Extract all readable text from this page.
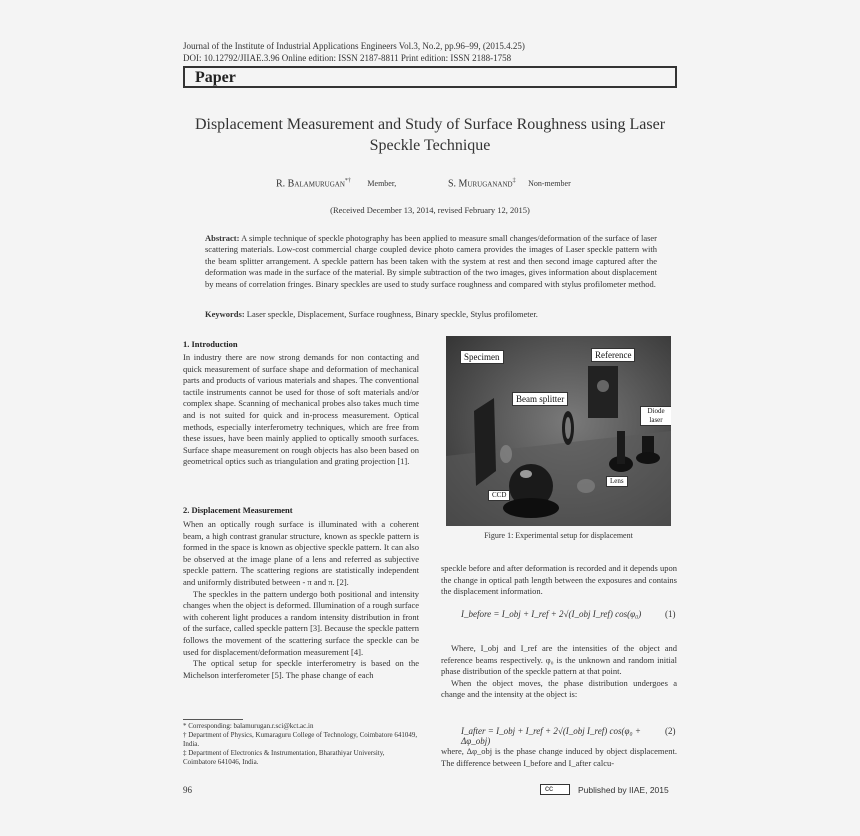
Journal of the Institute of Industrial Applications Engineers Vol.3, No.2, pp.96–99, (2015.4.25)
DOI: 10.12792/JIIAE.3.96 Online edition: ISSN 2187-8811 Print edition: ISSN 2188-1758
Paper
Displacement Measurement and Study of Surface Roughness using Laser Speckle Technique
R. Balamurugan*† Member,	S. Muruganand‡ Non-member
(Received December 13, 2014, revised February 12, 2015)
Abstract: A simple technique of speckle photography has been applied to measure small changes/deformation of the surface of laser scattering materials. Low-cost commercial charge coupled device photo camera provides the images of Laser speckle pattern with the beam splitter arrangement. A speckle pattern has been taken with the system at rest and then second image captured after the deformation was made in the surface of the material. By simple subtraction of the two images, gives information about displacement by means of correlation fringes. Binary speckles are used to study surface roughness and compared with stylus profilometer method.
Keywords: Laser speckle, Displacement, Surface roughness, Binary speckle, Stylus profilometer.
1. Introduction
In industry there are now strong demands for non contacting and quick measurement of surface shape and deformation of mechanical parts and products of various materials and shapes. The conventional tactile instruments cannot be used for those of soft materials and/or complex shape. Scanning of mechanical probes also takes much time and is not suited for quick and in-process measurement. Optical methods, especially interferometry techniques, which are free from these issues, have been mainly applied to optically smooth surfaces. Surface shape measurement on rough objects has also been based on geometrical optics such as triangulation and grating projection [1].
2. Displacement Measurement
When an optically rough surface is illuminated with a coherent beam, a high contrast granular structure, known as speckle pattern is formed in the space is known as objective speckle pattern. It can also be observed at the image plane of a lens and referred as subjective speckle pattern. The scattering regions are statistically independent and uniformly distributed between - π and π. [2].
The speckles in the pattern undergo both positional and intensity changes when the object is deformed. Illumination of a rough surface with coherent light produces a random intensity distribution in front of the surface, called speckle pattern [3]. Because the speckle pattern follows the movement of the scattering surface the speckle can be used for displacement/deformation measurement [4].
The optical setup for speckle interferometry is based on the Michelson interferometer [5]. The phase change of each
Specimen	Reference
Beam splitter
Diode laser
Lens
CCD
Figure 1: Experimental setup for displacement
speckle before and after deformation is recorded and it depends upon the change in optical path length between the exposures and contains the displacement information.
I_before = I_obj + I_ref + 2√(I_obj I_ref) cos(φ₀)	(1)
Where, I_obj and I_ref are the intensities of the object and reference beams respectively. φ₀ is the unknown and random initial phase distribution of the speckle pattern at that point.
When the object moves, the phase distribution undergoes a change and the intensity at the object is:
I_after = I_obj + I_ref + 2√(I_obj I_ref) cos(φ₀ + Δφ_obj)
(2)
where, Δφ_obj is the phase change induced by object displacement. The difference between I_before and I_after calcu-
* Corresponding: balamurugan.r.sci@kct.ac.in
† Department of Physics, Kumaraguru College of Technology, Coimbatore 641049, India.
‡ Department of Electronics & Instrumentation, Bharathiyar University, Coimbatore 641046, India.
96	cc	Published by IIAE, 2015
